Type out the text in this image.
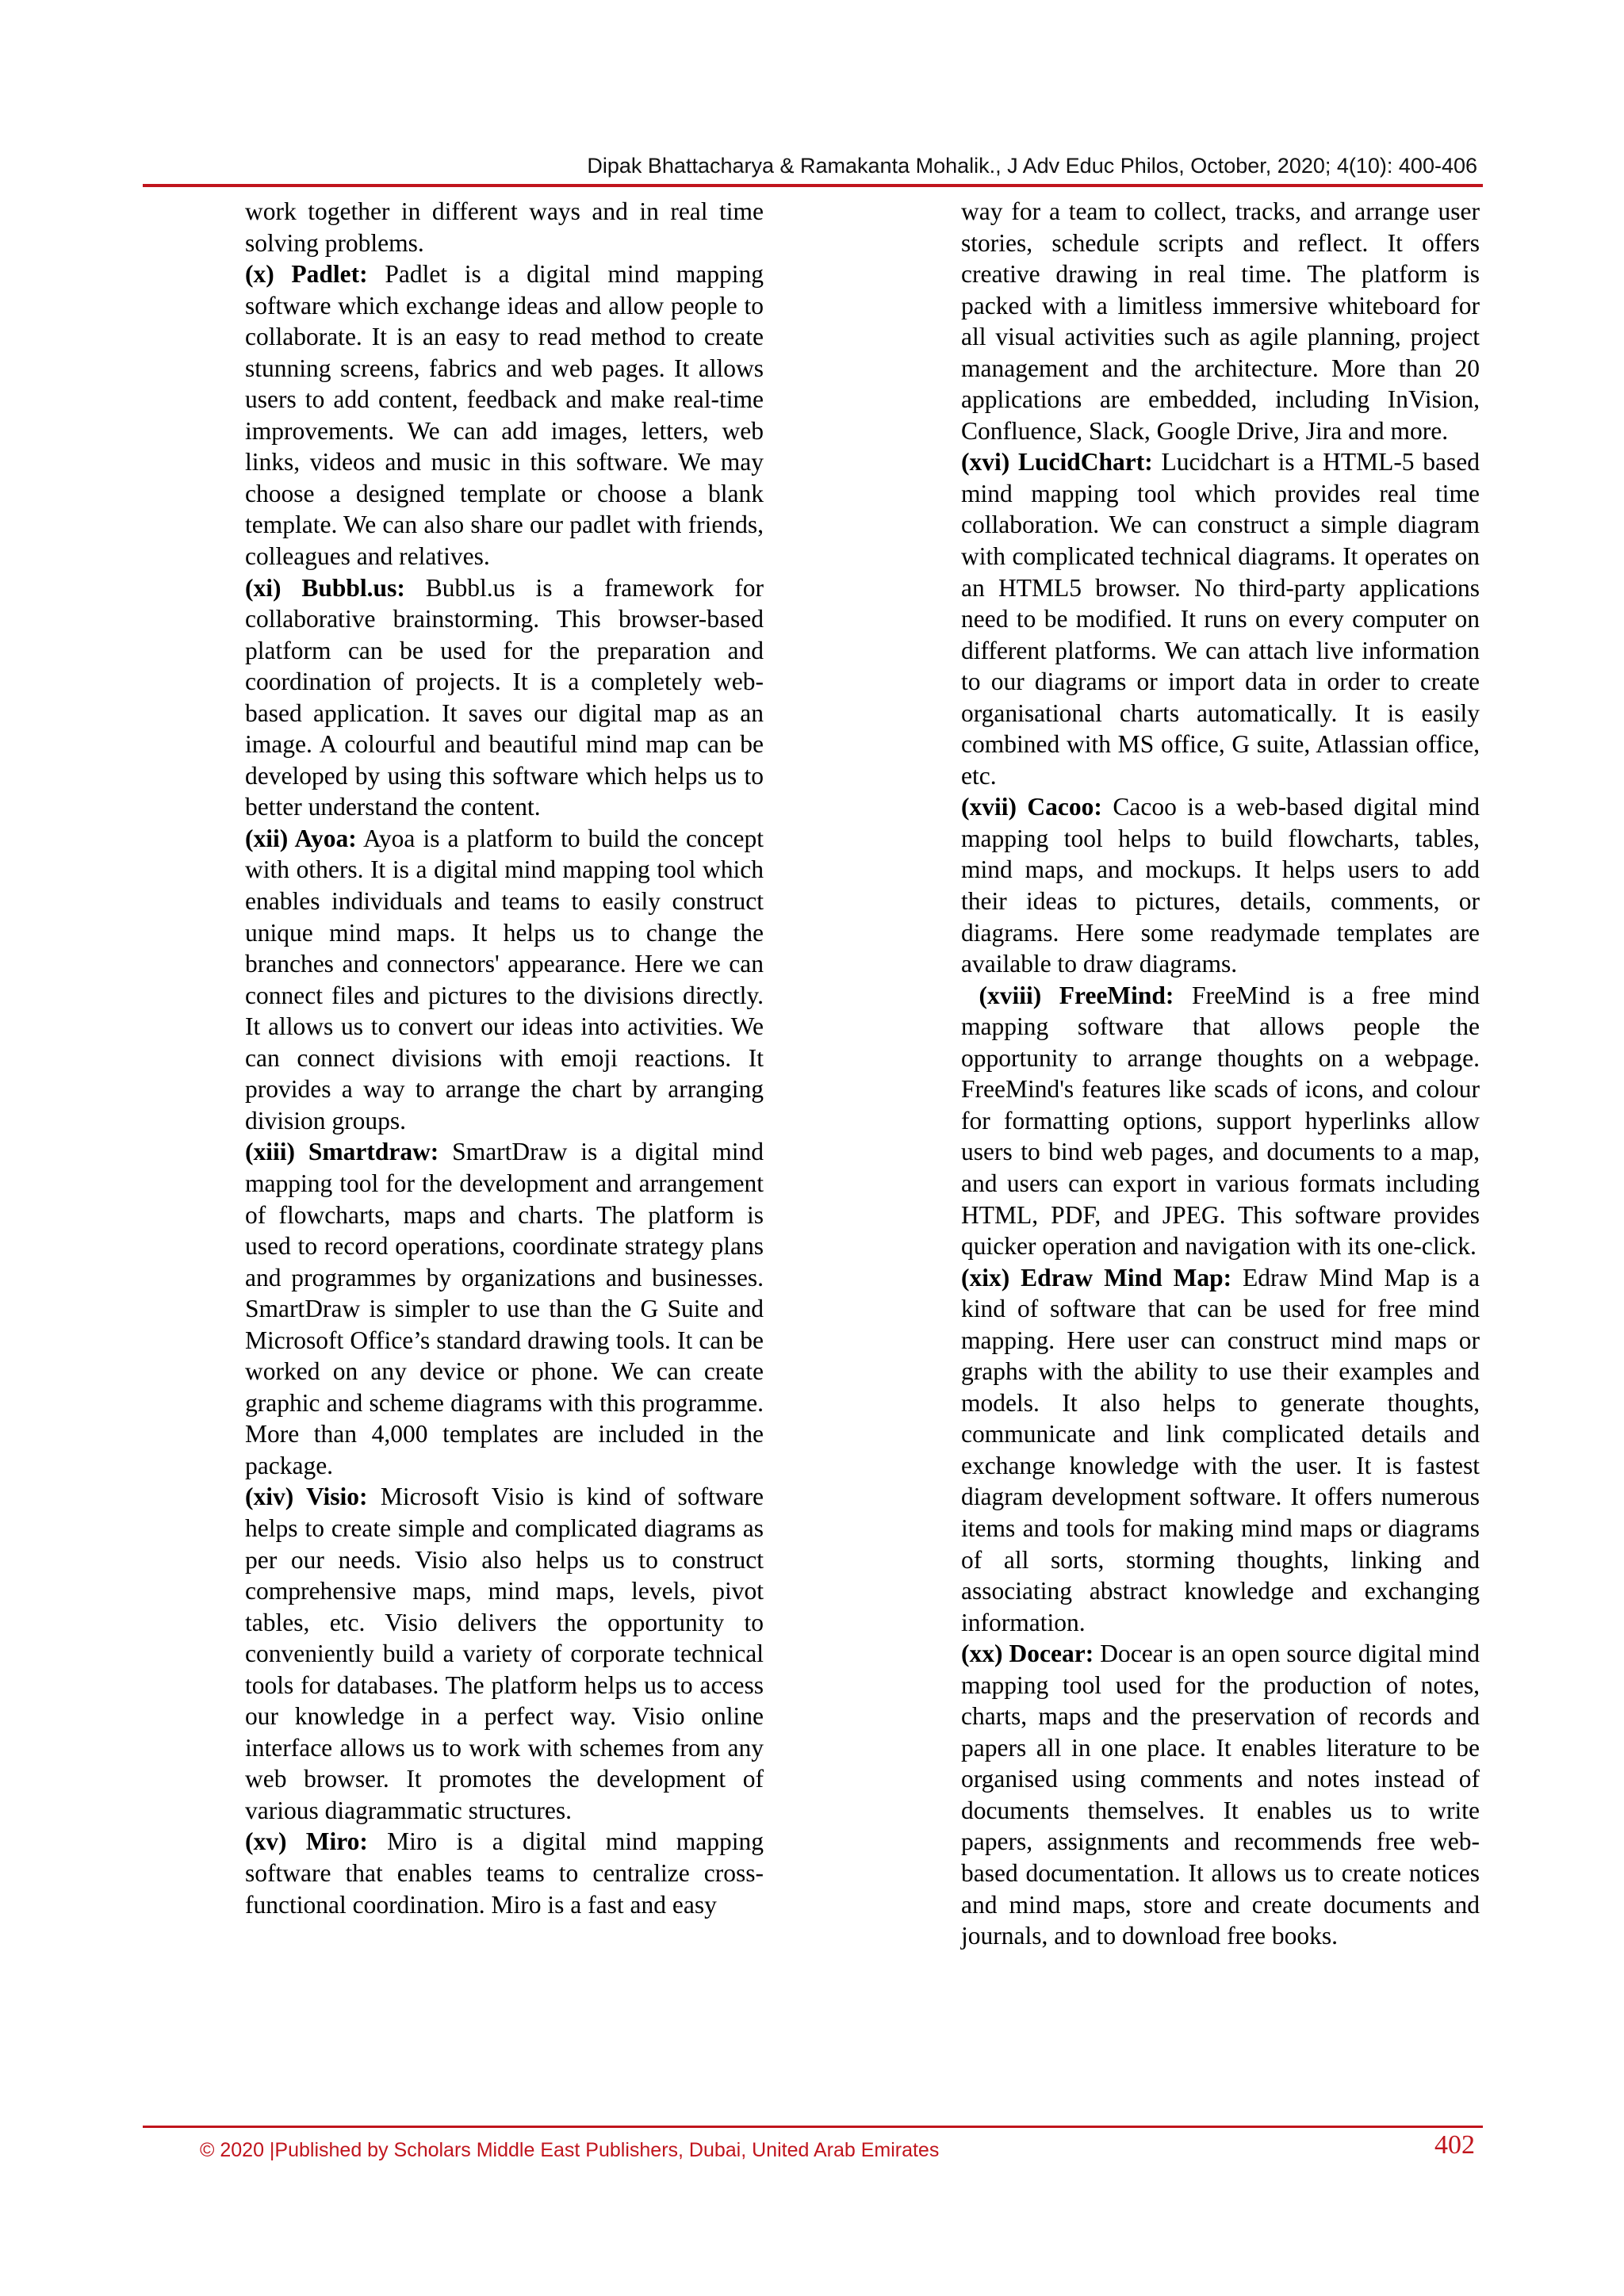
Dipak Bhattacharya & Ramakanta Mohalik., J Adv Educ Philos, October, 2020; 4(10): 400-406

work together in different ways and in real time solving problems.

(x) Padlet: Padlet is a digital mind mapping software which exchange ideas and allow people to collaborate. It is an easy to read method to create stunning screens, fabrics and web pages. It allows users to add content, feedback and make real-time improvements. We can add images, letters, web links, videos and music in this software. We may choose a designed template or choose a blank template. We can also share our padlet with friends, colleagues and relatives.

(xi) Bubbl.us: Bubbl.us is a framework for collaborative brainstorming. This browser-based platform can be used for the preparation and coordination of projects. It is a completely web-based application. It saves our digital map as an image. A colourful and beautiful mind map can be developed by using this software which helps us to better understand the content.

(xii) Ayoa: Ayoa is a platform to build the concept with others. It is a digital mind mapping tool which enables individuals and teams to easily construct unique mind maps. It helps us to change the branches and connectors' appearance. Here we can connect files and pictures to the divisions directly. It allows us to convert our ideas into activities. We can connect divisions with emoji reactions. It provides a way to arrange the chart by arranging division groups.

(xiii) Smartdraw: SmartDraw is a digital mind mapping tool for the development and arrangement of flowcharts, maps and charts. The platform is used to record operations, coordinate strategy plans and programmes by organizations and businesses. SmartDraw is simpler to use than the G Suite and Microsoft Office’s standard drawing tools. It can be worked on any device or phone. We can create graphic and scheme diagrams with this programme. More than 4,000 templates are included in the package.

(xiv) Visio: Microsoft Visio is kind of software helps to create simple and complicated diagrams as per our needs. Visio also helps us to construct comprehensive maps, mind maps, levels, pivot tables, etc. Visio delivers the opportunity to conveniently build a variety of corporate technical tools for databases. The platform helps us to access our knowledge in a perfect way. Visio online interface allows us to work with schemes from any web browser. It promotes the development of various diagrammatic structures.

(xv) Miro: Miro is a digital mind mapping software that enables teams to centralize cross-functional coordination. Miro is a fast and easy

way for a team to collect, tracks, and arrange user stories, schedule scripts and reflect. It offers creative drawing in real time. The platform is packed with a limitless immersive whiteboard for all visual activities such as agile planning, project management and the architecture. More than 20 applications are embedded, including InVision, Confluence, Slack, Google Drive, Jira and more.

(xvi) LucidChart: Lucidchart is a HTML-5 based mind mapping tool which provides real time collaboration. We can construct a simple diagram with complicated technical diagrams. It operates on an HTML5 browser. No third-party applications need to be modified. It runs on every computer on different platforms. We can attach live information to our diagrams or import data in order to create organisational charts automatically. It is easily combined with MS office, G suite, Atlassian office, etc.

(xvii) Cacoo: Cacoo is a web-based digital mind mapping tool helps to build flowcharts, tables, mind maps, and mockups. It helps users to add their ideas to pictures, details, comments, or diagrams. Here some readymade templates are available to draw diagrams.

(xviii) FreeMind: FreeMind is a free mind mapping software that allows people the opportunity to arrange thoughts on a webpage. FreeMind's features like scads of icons, and colour for formatting options, support hyperlinks allow users to bind web pages, and documents to a map, and users can export in various formats including HTML, PDF, and JPEG. This software provides quicker operation and navigation with its one-click.

(xix) Edraw Mind Map: Edraw Mind Map is a kind of software that can be used for free mind mapping. Here user can construct mind maps or graphs with the ability to use their examples and models. It also helps to generate thoughts, communicate and link complicated details and exchange knowledge with the user. It is fastest diagram development software. It offers numerous items and tools for making mind maps or diagrams of all sorts, storming thoughts, linking and associating abstract knowledge and exchanging information.

(xx) Docear: Docear is an open source digital mind mapping tool used for the production of notes, charts, maps and the preservation of records and papers all in one place. It enables literature to be organised using comments and notes instead of documents themselves. It enables us to write papers, assignments and recommends free web-based documentation. It allows us to create notices and mind maps, store and create documents and journals, and to download free books.

© 2020 |Published by Scholars Middle East Publishers, Dubai, United Arab Emirates	402
